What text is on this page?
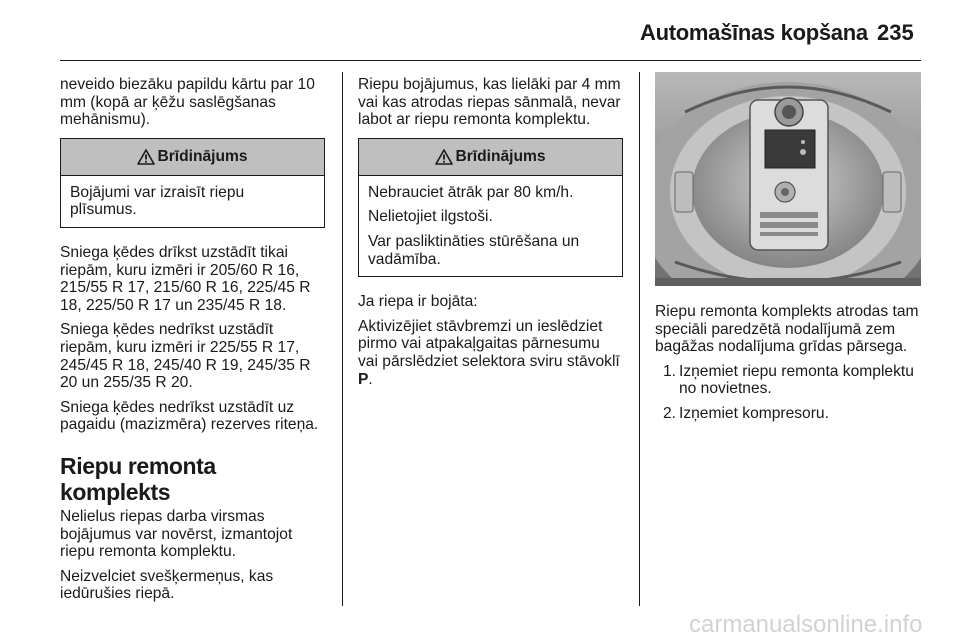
Automašīnas kopšana 235

neveido biezāku papildu kārtu par 10 mm (kopā ar ķēžu saslēgšanas mehānismu).

Brīdinājums

Bojājumi var izraisīt riepu plīsumus.

Sniega ķēdes drīkst uzstādīt tikai riepām, kuru izmēri ir 205/60 R 16, 215/55 R 17, 215/60 R 16, 225/45 R 18, 225/50 R 17 un 235/45 R 18.

Sniega ķēdes nedrīkst uzstādīt riepām, kuru izmēri ir 225/55 R 17, 245/45 R 18, 245/40 R 19, 245/35 R 20 un 255/35 R 20.

Sniega ķēdes nedrīkst uzstādīt uz pagaidu (mazizmēra) rezerves riteņa.

Riepu remonta komplekts

Nelielus riepas darba virsmas bojājumus var novērst, izmantojot riepu remonta komplektu.

Neizvelciet svešķermeņus, kas iedūrušies riepā.

Riepu bojājumus, kas lielāki par 4 mm vai kas atrodas riepas sānmalā, nevar labot ar riepu remonta komplektu.

Brīdinājums

Nebrauciet ātrāk par 80 km/h.

Nelietojiet ilgstoši.

Var pasliktināties stūrēšana un vadāmība.

Ja riepa ir bojāta:

Aktivizējiet stāvbremzi un ieslēdziet pirmo vai atpakaļgaitas pārnesumu vai pārslēdziet selektora sviru stāvoklī P.

Riepu remonta komplekts atrodas tam speciāli paredzētā nodalījumā zem bagāžas nodalījuma grīdas pārsega.

1. Izņemiet riepu remonta komplektu no novietnes.
2. Izņemiet kompresoru.
carmanualsonline.info
